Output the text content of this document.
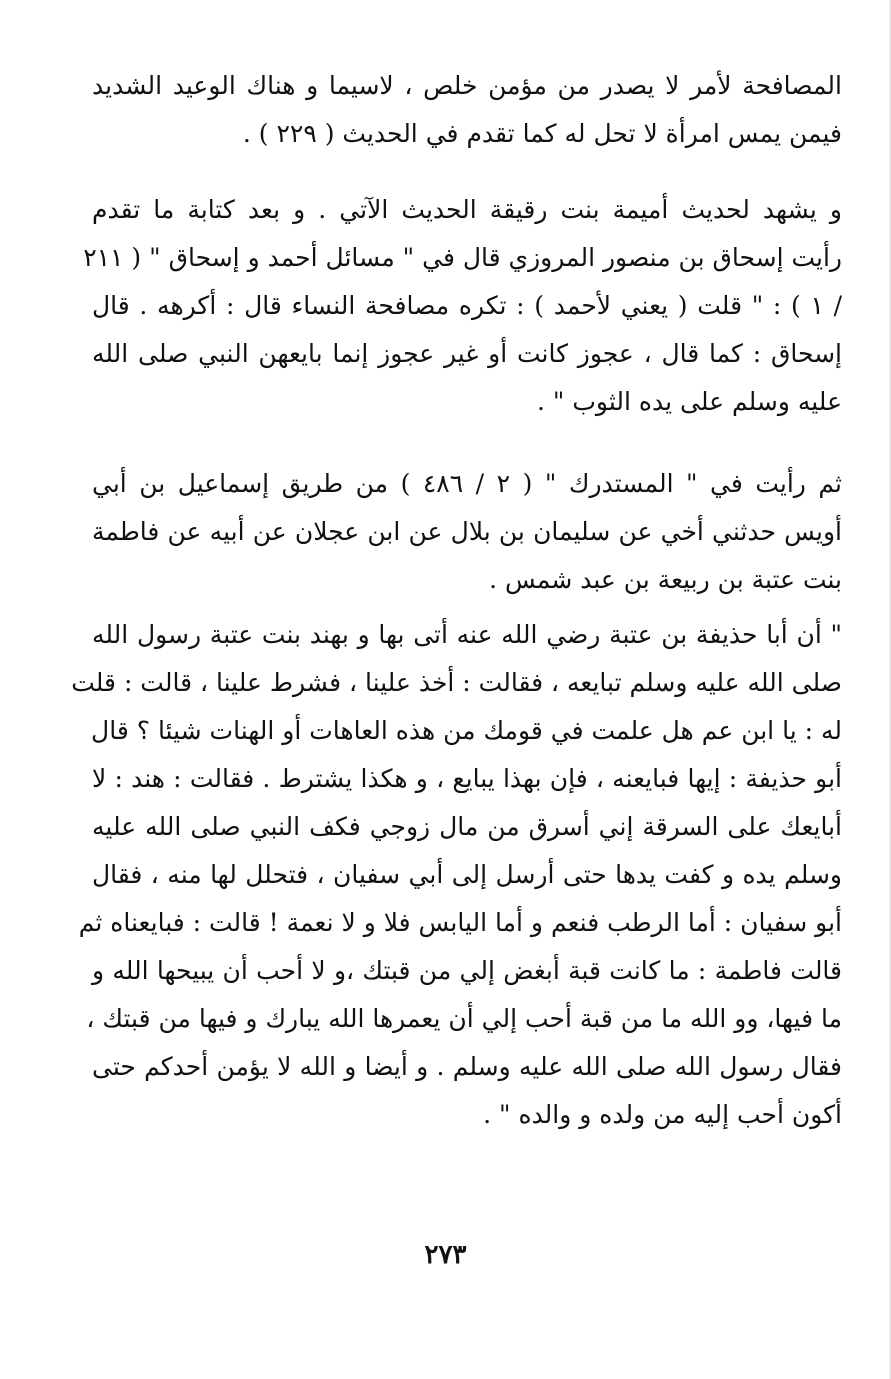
المصافحة لأمر لا يصدر من مؤمن خلص ، لاسيما و هناك الوعيد الشديد
فيمن يمس امرأة لا تحل له كما تقدم في الحديث ( ٢٢٩ ) .
و يشهد لحديث أميمة بنت رقيقة الحديث الآتي . و بعد كتابة ما تقدم
رأيت إسحاق بن منصور المروزي قال في " مسائل أحمد و إسحاق " ( ٢١١
/ ١ ) : " قلت ( يعني لأحمد ) : تكره مصافحة النساء قال : أكرهه . قال
إسحاق : كما قال ، عجوز كانت أو غير عجوز إنما بايعهن النبي صلى الله
عليه وسلم على يده الثوب " .
ثم رأيت في " المستدرك " ( ٢ / ٤٨٦ ) من طريق إسماعيل بن أبي
أويس حدثني أخي عن سليمان بن بلال عن ابن عجلان عن أبيه عن فاطمة
بنت عتبة بن ربيعة بن عبد شمس .
" أن أبا حذيفة بن عتبة رضي الله عنه أتى بها و بهند بنت عتبة رسول الله
صلى الله عليه وسلم تبايعه ، فقالت : أخذ علينا ، فشرط علينا ، قالت : قلت
له : يا ابن عم هل علمت في قومك من هذه العاهات أو الهنات شيئا ؟ قال
أبو حذيفة : إيها فبايعنه ، فإن بهذا يبايع ، و هكذا يشترط . فقالت : هند : لا
أبايعك على السرقة إني أسرق من مال زوجي فكف النبي صلى الله عليه
وسلم يده و كفت يدها حتى أرسل إلى أبي سفيان ، فتحلل لها منه ، فقال
أبو سفيان : أما الرطب فنعم و أما اليابس فلا و لا نعمة ! قالت : فبايعناه ثم
قالت فاطمة : ما كانت قبة أبغض إلي من قبتك ،و لا أحب أن يبيحها الله و
ما فيها، وو الله ما من قبة أحب إلي أن يعمرها الله يبارك و فيها من قبتك ،
فقال رسول الله صلى الله عليه وسلم . و أيضا و الله لا يؤمن أحدكم حتى
أكون أحب إليه من ولده و والده " .
٢٧٣
